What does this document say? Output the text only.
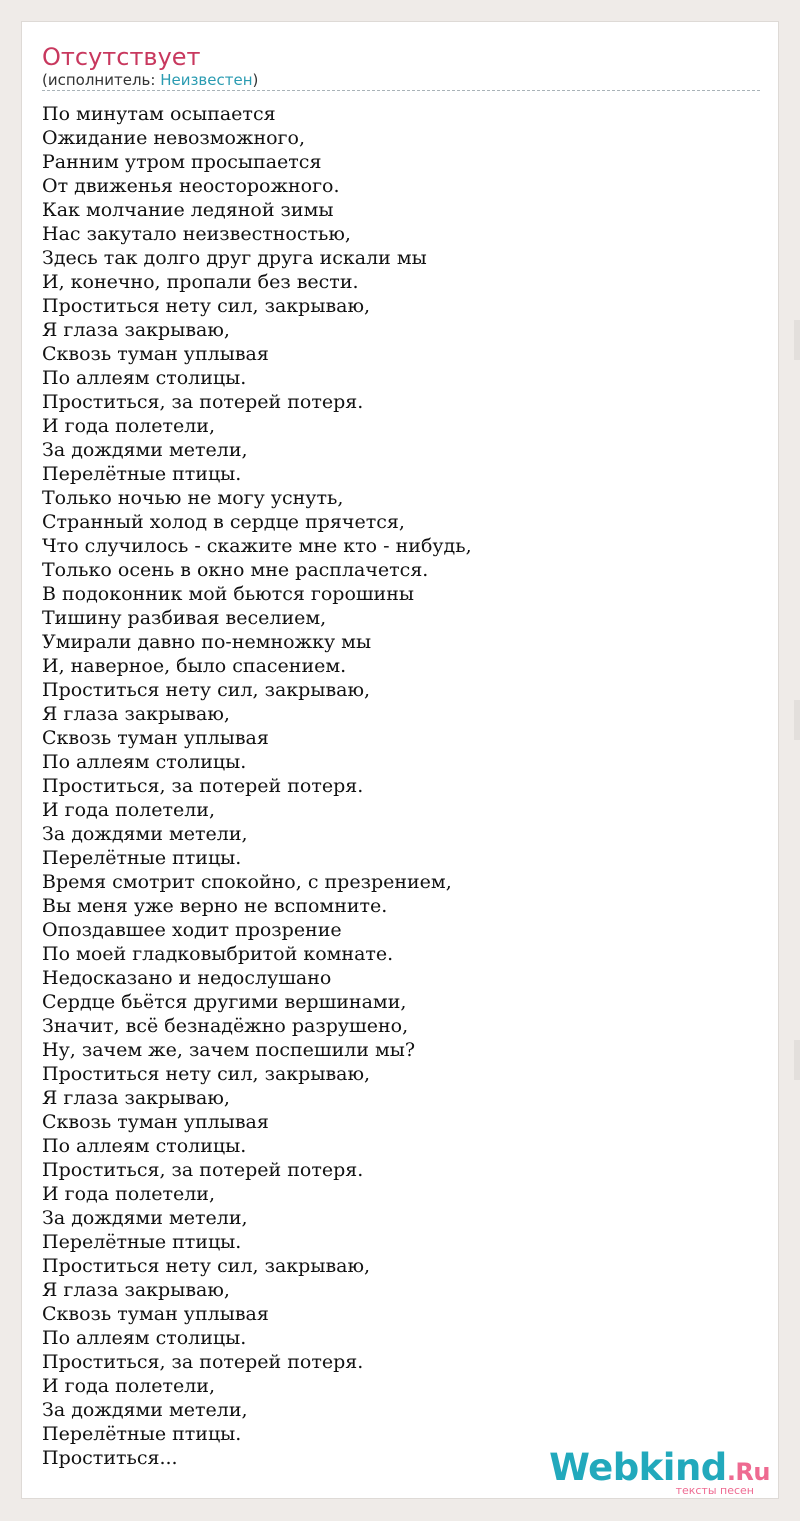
Отсутствует
(исполнитель: Неизвестен)
По минутам осыпается
Ожидание невозможного,
Ранним утром просыпается
От движенья неосторожного.
Как молчание ледяной зимы
Нас закутало неизвестностью,
Здесь так долго друг друга искали мы
И, конечно, пропали без вести.
Проститься нету сил, закрываю,
Я глаза закрываю,
Сквозь туман уплывая
По аллеям столицы.
Проститься, за потерей потеря.
И года полетели,
За дождями метели,
Перелётные птицы.
Только ночью не могу уснуть,
Странный холод в сердце прячется,
Что случилось - скажите мне кто - нибудь,
Только осень в окно мне расплачется.
В подоконник мой бьются горошины
Тишину разбивая веселием,
Умирали давно по-немножку мы
И, наверное, было спасением.
Проститься нету сил, закрываю,
Я глаза закрываю,
Сквозь туман уплывая
По аллеям столицы.
Проститься, за потерей потеря.
И года полетели,
За дождями метели,
Перелётные птицы.
Время смотрит спокойно, с презрением,
Вы меня уже верно не вспомните.
Опоздавшее ходит прозрение
По моей гладковыбритой комнате.
Недосказано и недослушано
Сердце бьётся другими вершинами,
Значит, всё безнадёжно разрушено,
Ну, зачем же, зачем поспешили мы?
Проститься нету сил, закрываю,
Я глаза закрываю,
Сквозь туман уплывая
По аллеям столицы.
Проститься, за потерей потеря.
И года полетели,
За дождями метели,
Перелётные птицы.
Проститься нету сил, закрываю,
Я глаза закрываю,
Сквозь туман уплывая
По аллеям столицы.
Проститься, за потерей потеря.
И года полетели,
За дождями метели,
Перелётные птицы.
Проститься...	Webkind.Ru
тексты песен
